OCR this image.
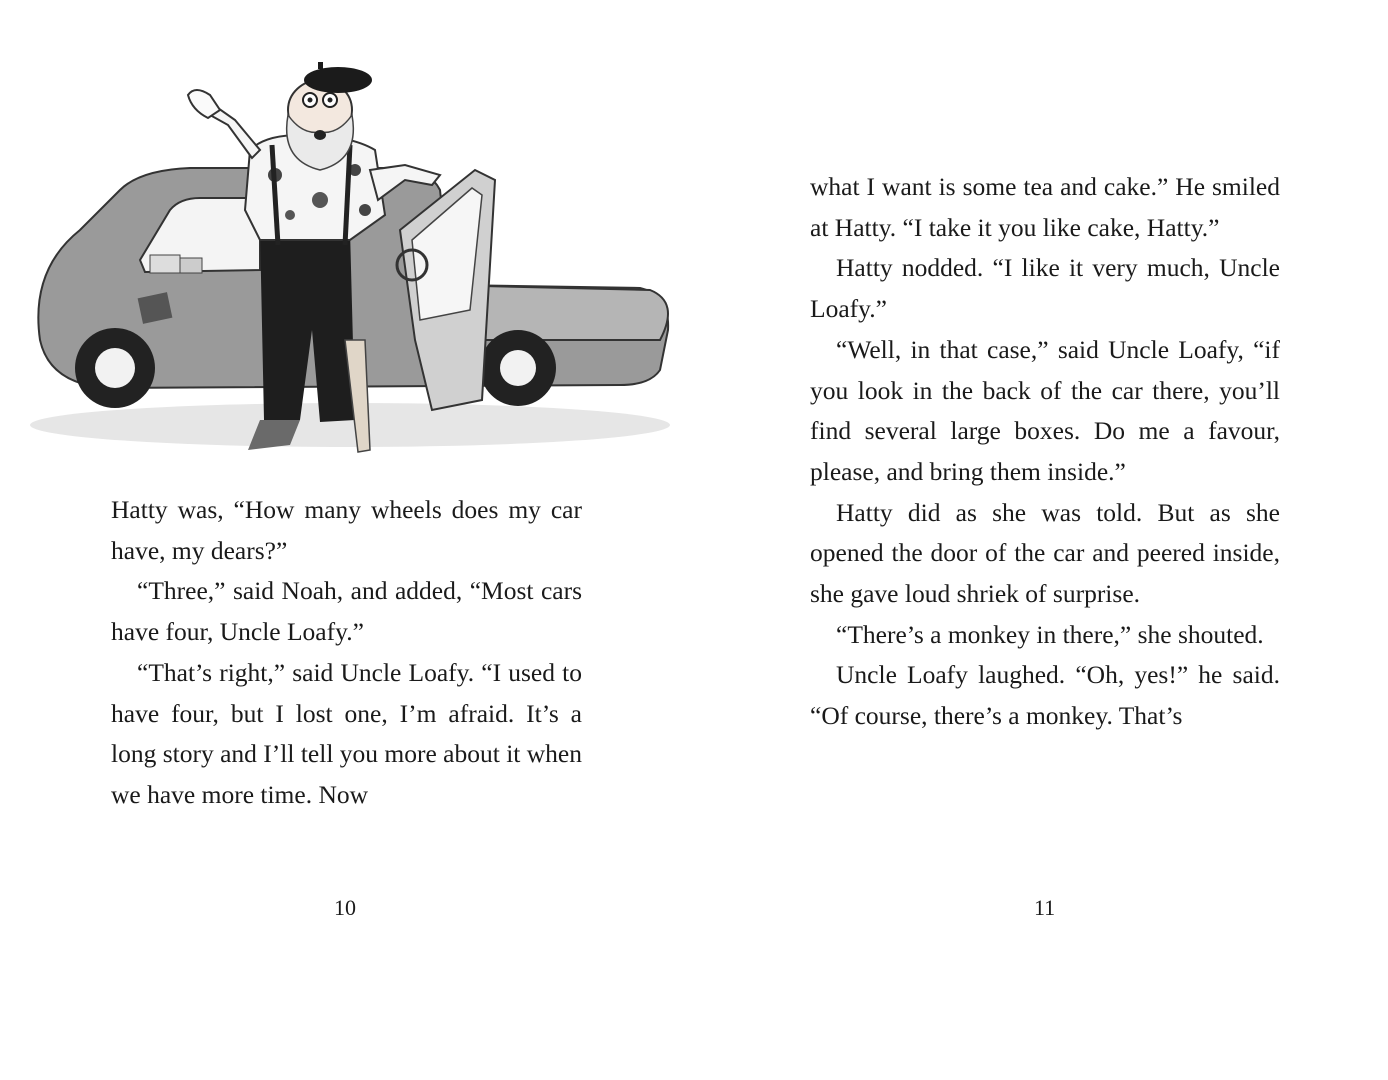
Hatty was, “How many wheels does my car have, my dears?”

“Three,” said Noah, and added, “Most cars have four, Uncle Loafy.”

“That’s right,” said Uncle Loafy. “I used to have four, but I lost one, I’m afraid. It’s a long story and I’ll tell you more about it when we have more time. Now

10

what I want is some tea and cake.” He smiled at Hatty. “I take it you like cake, Hatty.”

Hatty nodded. “I like it very much, Uncle Loafy.”

“Well, in that case,” said Uncle Loafy, “if you look in the back of the car there, you’ll find several large boxes. Do me a favour, please, and bring them inside.”

Hatty did as she was told. But as she opened the door of the car and peered inside, she gave loud shriek of surprise.

“There’s a monkey in there,” she shouted.

Uncle Loafy laughed. “Oh, yes!” he said. “Of course, there’s a monkey. That’s

11
